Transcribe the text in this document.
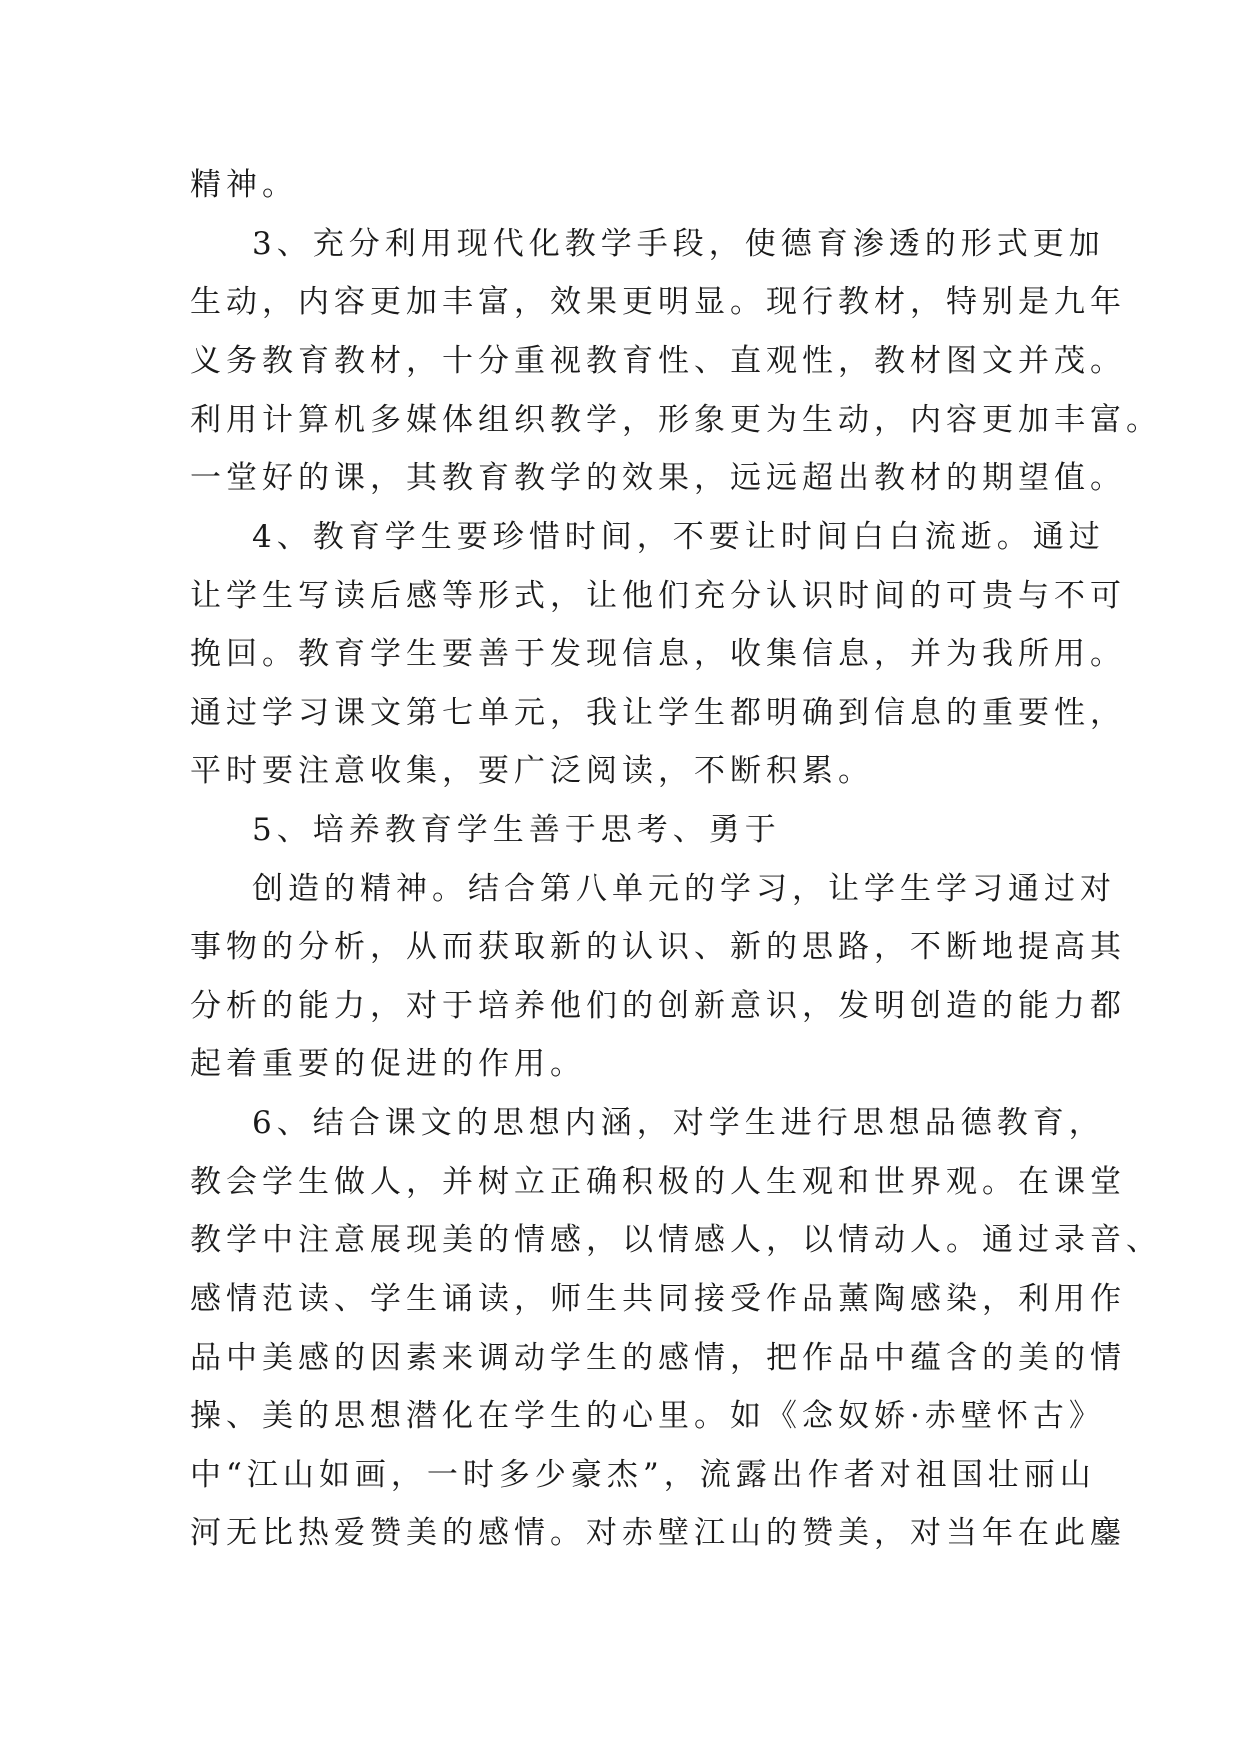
精神。
3、充分利用现代化教学手段，使德育渗透的形式更加
生动，内容更加丰富，效果更明显。现行教材，特别是九年
义务教育教材，十分重视教育性、直观性，教材图文并茂。
利用计算机多媒体组织教学，形象更为生动，内容更加丰富。
一堂好的课，其教育教学的效果，远远超出教材的期望值。
4、教育学生要珍惜时间，不要让时间白白流逝。通过
让学生写读后感等形式，让他们充分认识时间的可贵与不可
挽回。教育学生要善于发现信息，收集信息，并为我所用。
通过学习课文第七单元，我让学生都明确到信息的重要性，
平时要注意收集，要广泛阅读，不断积累。
5、培养教育学生善于思考、勇于
创造的精神。结合第八单元的学习，让学生学习通过对
事物的分析，从而获取新的认识、新的思路，不断地提高其
分析的能力，对于培养他们的创新意识，发明创造的能力都
起着重要的促进的作用。
6、结合课文的思想内涵，对学生进行思想品德教育，
教会学生做人，并树立正确积极的人生观和世界观。在课堂
教学中注意展现美的情感，以情感人，以情动人。通过录音、
感情范读、学生诵读，师生共同接受作品薰陶感染，利用作
品中美感的因素来调动学生的感情，把作品中蕴含的美的情
操、美的思想潜化在学生的心里。如《念奴娇·赤壁怀古》
中“江山如画，一时多少豪杰”，流露出作者对祖国壮丽山
河无比热爱赞美的感情。对赤壁江山的赞美，对当年在此鏖
